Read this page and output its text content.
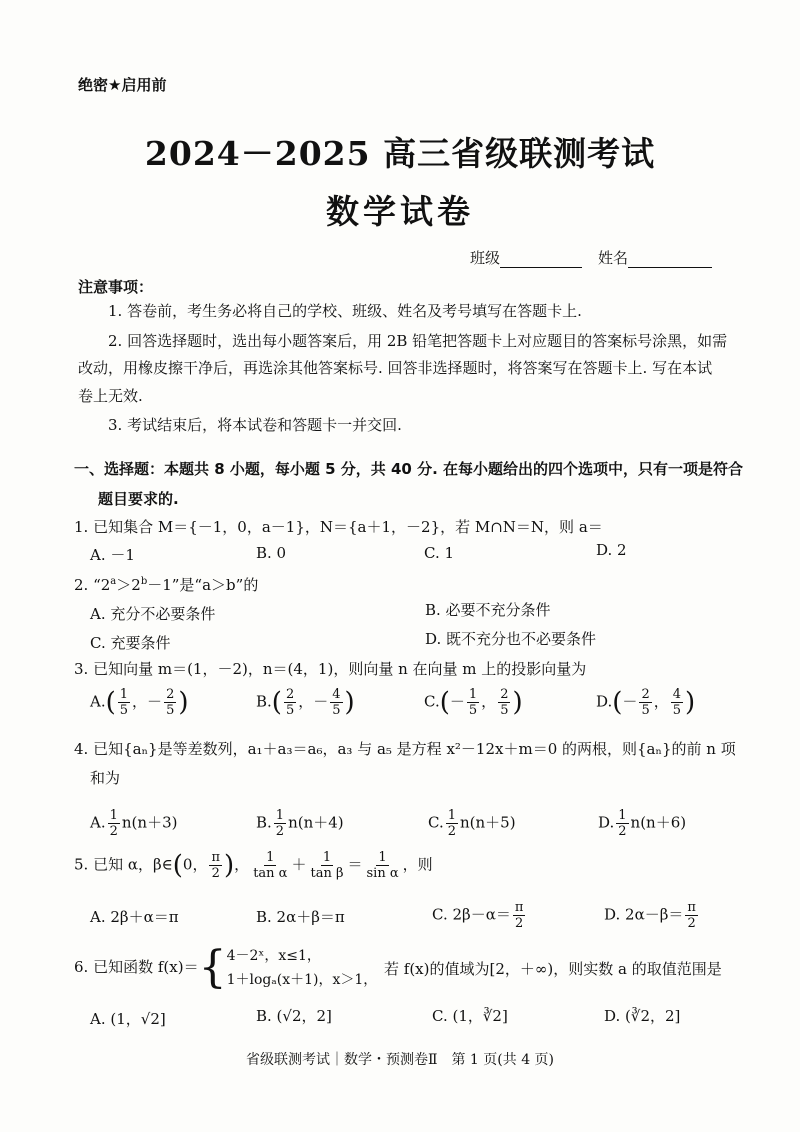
绝密★启用前
2024－2025 高三省级联测考试
数学试卷
班级	姓名
注意事项：
1. 答卷前，考生务必将自己的学校、班级、姓名及考号填写在答题卡上.
2. 回答选择题时，选出每小题答案后，用 2B 铅笔把答题卡上对应题目的答案标号涂黑，如需
改动，用橡皮擦干净后，再选涂其他答案标号. 回答非选择题时，将答案写在答题卡上. 写在本试
卷上无效.
3. 考试结束后，将本试卷和答题卡一并交回.
一、选择题：本题共 8 小题，每小题 5 分，共 40 分. 在每小题给出的四个选项中，只有一项是符合
题目要求的.
1. 已知集合 M＝{－1，0，a－1}，N＝{a＋1，－2}，若 M∩N＝N，则 a＝
A. －1	B. 0	C. 1	D. 2
2. “$2^a>2^b-1$”是“a＞b”的
A. 充分不必要条件	B. 必要不充分条件
C. 充要条件	D. 既不充分也不必要条件
3. 已知向量 m＝(1，－2)，n＝(4，1)，则向量 n 在向量 m 上的投影向量为
$A.( \frac{1}{5}$ ，－ $\frac{2}{5}$ )	$B.( \frac{2}{5}$ ，－ $\frac{4}{5}$ )	$C.(- \frac{1}{5}$ ， $\frac{2}{5}$ )	$D.(- \frac{2}{5}$ ， $\frac{4}{5}$ )
4. 已知{aₙ}是等差数列，a₁＋a₃＝a₆，a₃ 与 a₅ 是方程 x²－12x＋m＝0 的两根，则{aₙ}的前 n 项
和为
A. $\frac{1}{2} n(n+3)$	B. $\frac{1}{2} n(n+4)$	C. $\frac{1}{2} n(n+5)$	D. $\frac{1}{2} n(n+6)$
5. 已知 α，β∈(0， $\frac{\pi}{2}$ )， $\frac{1}{\text{tan α}} + \frac{1}{\text{tan β}} = \frac{1}{\text{sin α}}$ ，则
A. 2β＋α＝π	B. 2α＋β＝π	C. $2\beta-\alpha= \frac{\pi}{2}$	D. $2\alpha-\beta= \frac{\pi}{2}$
6. 已知函数 f(x)＝{ 4－2ˣ，x≤1，
1＋logₐ(x＋1)，x＞1，
若 f(x)的值域为[2，＋∞)，则实数 a 的取值范围是
A. (1，√2]	B. (√2，2]	C. (1，∛2]	D. (∛2，2]
省级联测考试｜数学・预测卷Ⅱ　第 1 页(共 4 页)
